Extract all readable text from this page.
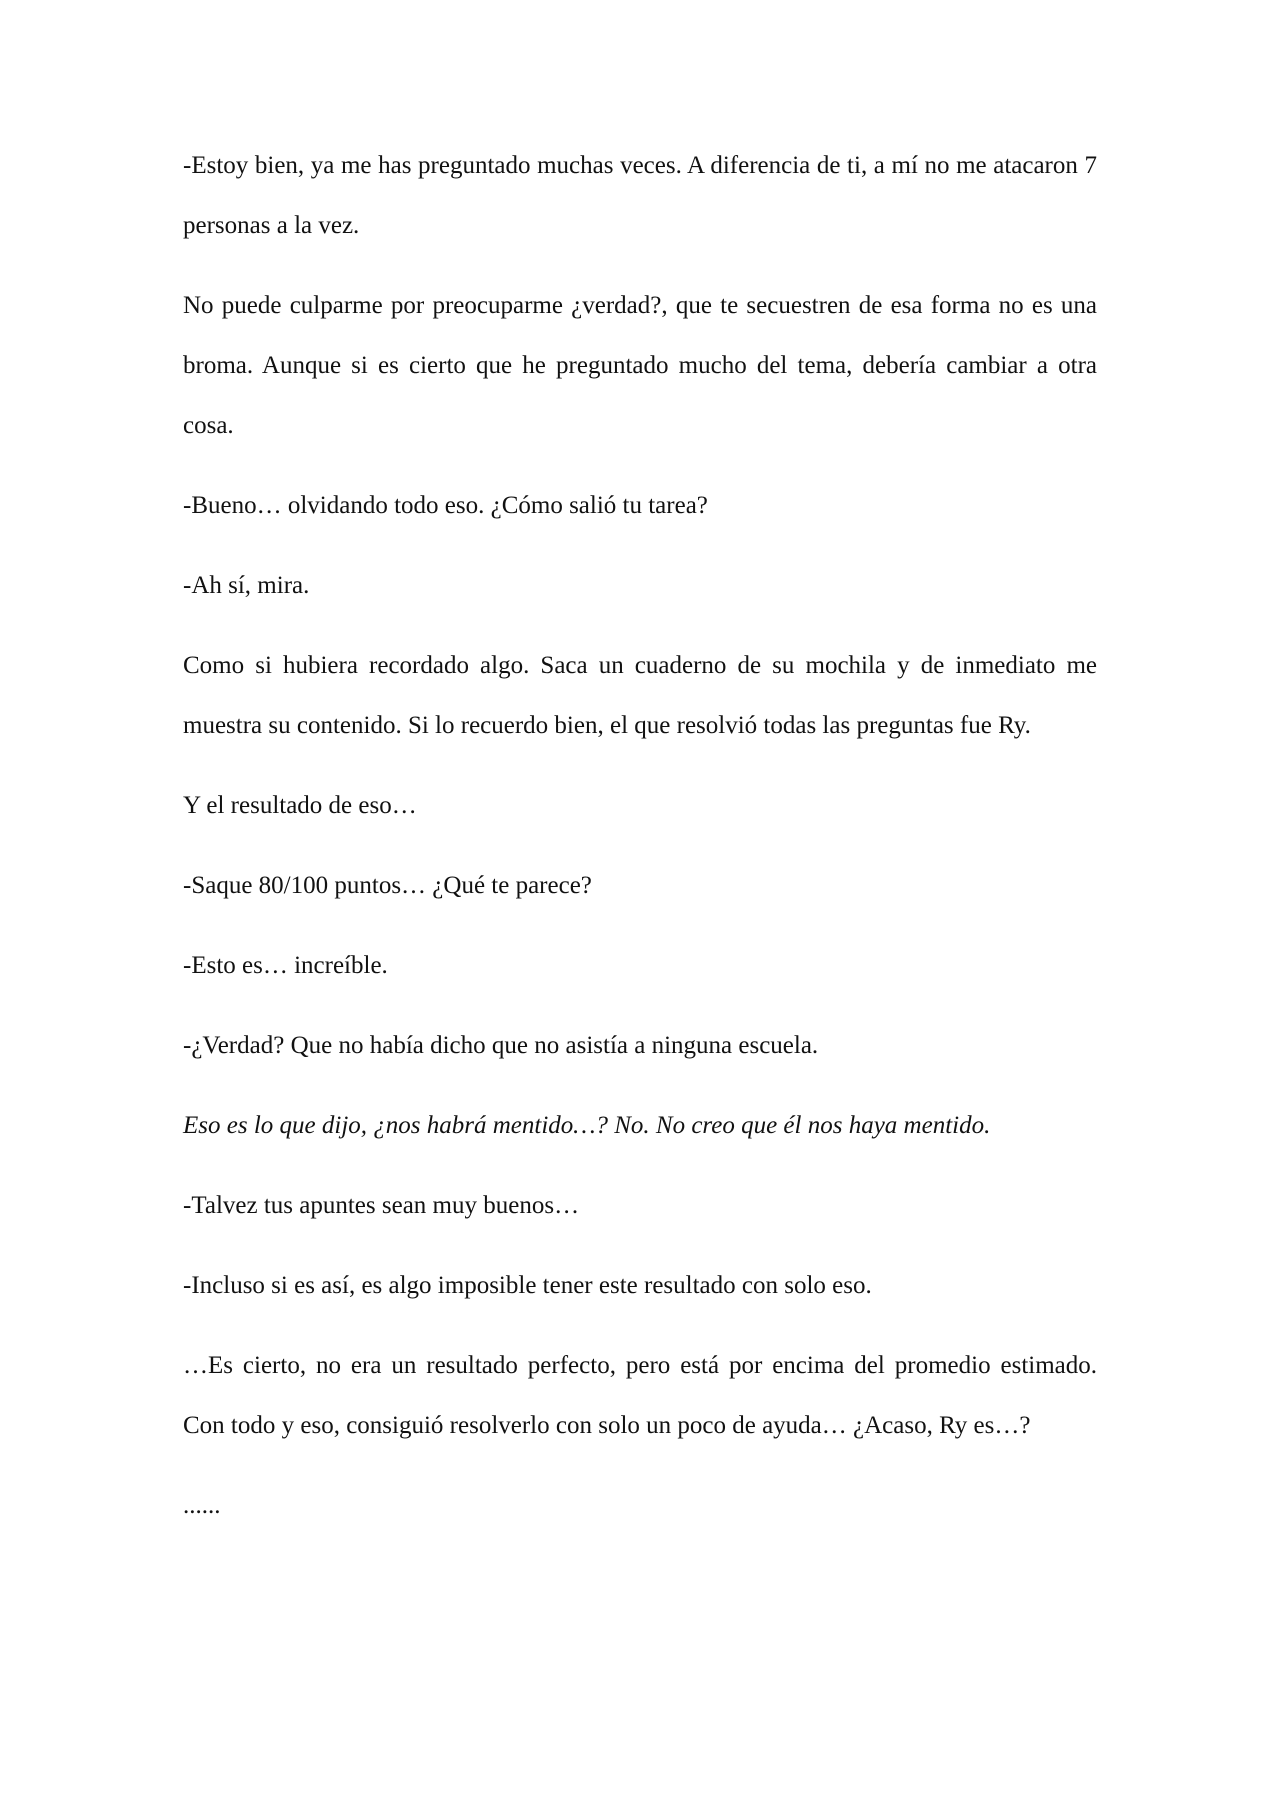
-Estoy bien, ya me has preguntado muchas veces. A diferencia de ti, a mí no me atacaron 7 personas a la vez.

No puede culparme por preocuparme ¿verdad?, que te secuestren de esa forma no es una broma. Aunque si es cierto que he preguntado mucho del tema, debería cambiar a otra cosa.

-Bueno… olvidando todo eso. ¿Cómo salió tu tarea?

-Ah sí, mira.

Como si hubiera recordado algo. Saca un cuaderno de su mochila y de inmediato me muestra su contenido. Si lo recuerdo bien, el que resolvió todas las preguntas fue Ry.

Y el resultado de eso…

-Saque 80/100 puntos… ¿Qué te parece?

-Esto es… increíble.

-¿Verdad? Que no había dicho que no asistía a ninguna escuela.

Eso es lo que dijo, ¿nos habrá mentido…? No. No creo que él nos haya mentido.

-Talvez tus apuntes sean muy buenos…

-Incluso si es así, es algo imposible tener este resultado con solo eso.

…Es cierto, no era un resultado perfecto, pero está por encima del promedio estimado. Con todo y eso, consiguió resolverlo con solo un poco de ayuda… ¿Acaso, Ry es…?

......
